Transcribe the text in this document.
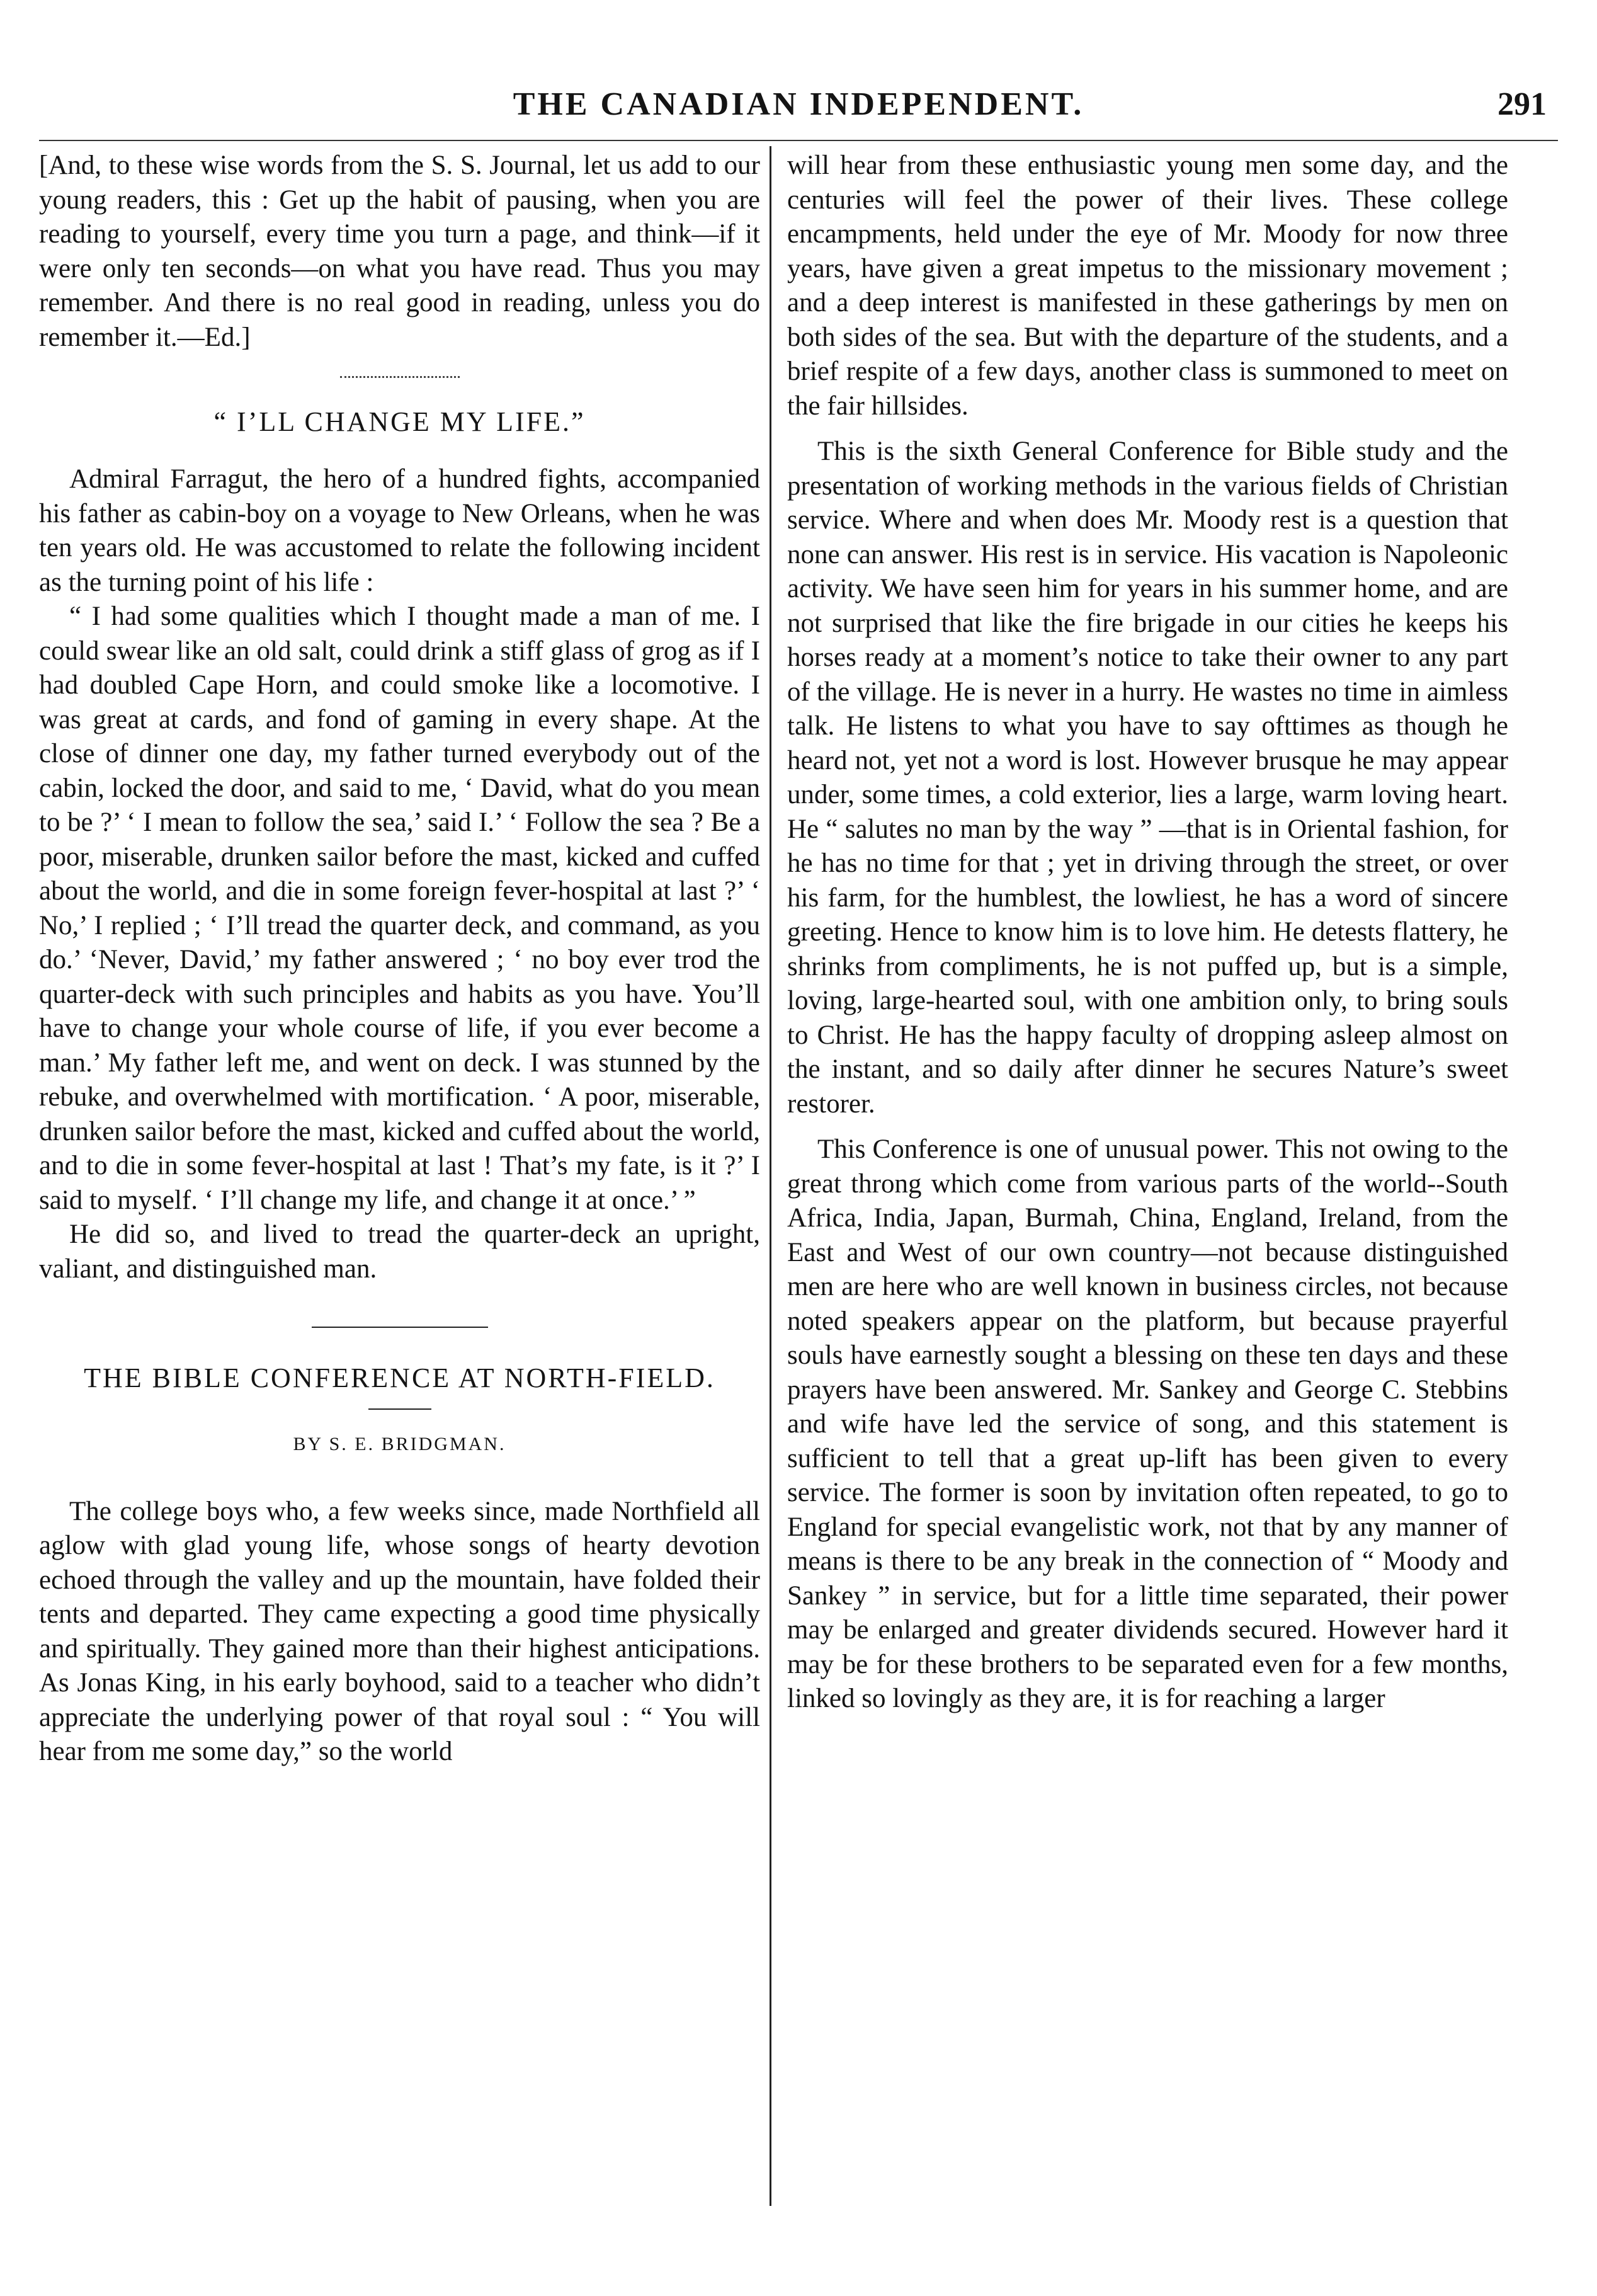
THE CANADIAN INDEPENDENT.	291

[And, to these wise words from the S. S. Journal, let us add to our young readers, this : Get up the habit of pausing, when you are reading to yourself, every time you turn a page, and think—if it were only ten seconds—on what you have read. Thus you may remember. And there is no real good in reading, unless you do remember it.—Ed.]

“ I’LL CHANGE MY LIFE.”

Admiral Farragut, the hero of a hundred fights, accompanied his father as cabin-boy on a voyage to New Orleans, when he was ten years old. He was accustomed to relate the following incident as the turning point of his life :

“ I had some qualities which I thought made a man of me. I could swear like an old salt, could drink a stiff glass of grog as if I had doubled Cape Horn, and could smoke like a locomotive. I was great at cards, and fond of gaming in every shape. At the close of dinner one day, my father turned everybody out of the cabin, locked the door, and said to me, ‘ David, what do you mean to be ?’ ‘ I mean to follow the sea,’ said I.’ ‘ Follow the sea ? Be a poor, miserable, drunken sailor before the mast, kicked and cuffed about the world, and die in some foreign fever-hospital at last ?’ ‘ No,’ I replied ; ‘ I’ll tread the quarter deck, and command, as you do.’ ‘Never, David,’ my father answered ; ‘ no boy ever trod the quarter-deck with such principles and habits as you have. You’ll have to change your whole course of life, if you ever become a man.’ My father left me, and went on deck. I was stunned by the rebuke, and overwhelmed with mortification. ‘ A poor, miserable, drunken sailor before the mast, kicked and cuffed about the world, and to die in some fever-hospital at last ! That’s my fate, is it ?’ I said to myself. ‘ I’ll change my life, and change it at once.’ ”

He did so, and lived to tread the quarter-deck an upright, valiant, and distinguished man.

THE BIBLE CONFERENCE AT NORTH-FIELD.

BY S. E. BRIDGMAN.

The college boys who, a few weeks since, made Northfield all aglow with glad young life, whose songs of hearty devotion echoed through the valley and up the mountain, have folded their tents and departed. They came expecting a good time physically and spiritually. They gained more than their highest anticipations. As Jonas King, in his early boyhood, said to a teacher who didn’t appreciate the underlying power of that royal soul : “ You will hear from me some day,” so the world

will hear from these enthusiastic young men some day, and the centuries will feel the power of their lives. These college encampments, held under the eye of Mr. Moody for now three years, have given a great impetus to the missionary movement ; and a deep interest is manifested in these gatherings by men on both sides of the sea. But with the departure of the students, and a brief respite of a few days, another class is summoned to meet on the fair hillsides.

This is the sixth General Conference for Bible study and the presentation of working methods in the various fields of Christian service. Where and when does Mr. Moody rest is a question that none can answer. His rest is in service. His vacation is Napoleonic activity. We have seen him for years in his summer home, and are not surprised that like the fire brigade in our cities he keeps his horses ready at a moment’s notice to take their owner to any part of the village. He is never in a hurry. He wastes no time in aimless talk. He listens to what you have to say ofttimes as though he heard not, yet not a word is lost. However brusque he may appear under, some times, a cold exterior, lies a large, warm loving heart. He “ salutes no man by the way ” —that is in Oriental fashion, for he has no time for that ; yet in driving through the street, or over his farm, for the humblest, the lowliest, he has a word of sincere greeting. Hence to know him is to love him. He detests flattery, he shrinks from compliments, he is not puffed up, but is a simple, loving, large-hearted soul, with one ambition only, to bring souls to Christ. He has the happy faculty of dropping asleep almost on the instant, and so daily after dinner he secures Nature’s sweet restorer.

This Conference is one of unusual power. This not owing to the great throng which come from various parts of the world--South Africa, India, Japan, Burmah, China, England, Ireland, from the East and West of our own country—not because distinguished men are here who are well known in business circles, not because noted speakers appear on the platform, but because prayerful souls have earnestly sought a blessing on these ten days and these prayers have been answered. Mr. Sankey and George C. Stebbins and wife have led the service of song, and this statement is sufficient to tell that a great up-lift has been given to every service. The former is soon by invitation often repeated, to go to England for special evangelistic work, not that by any manner of means is there to be any break in the connection of “ Moody and Sankey ” in service, but for a little time separated, their power may be enlarged and greater dividends secured. However hard it may be for these brothers to be separated even for a few months, linked so lovingly as they are, it is for reaching a larger
